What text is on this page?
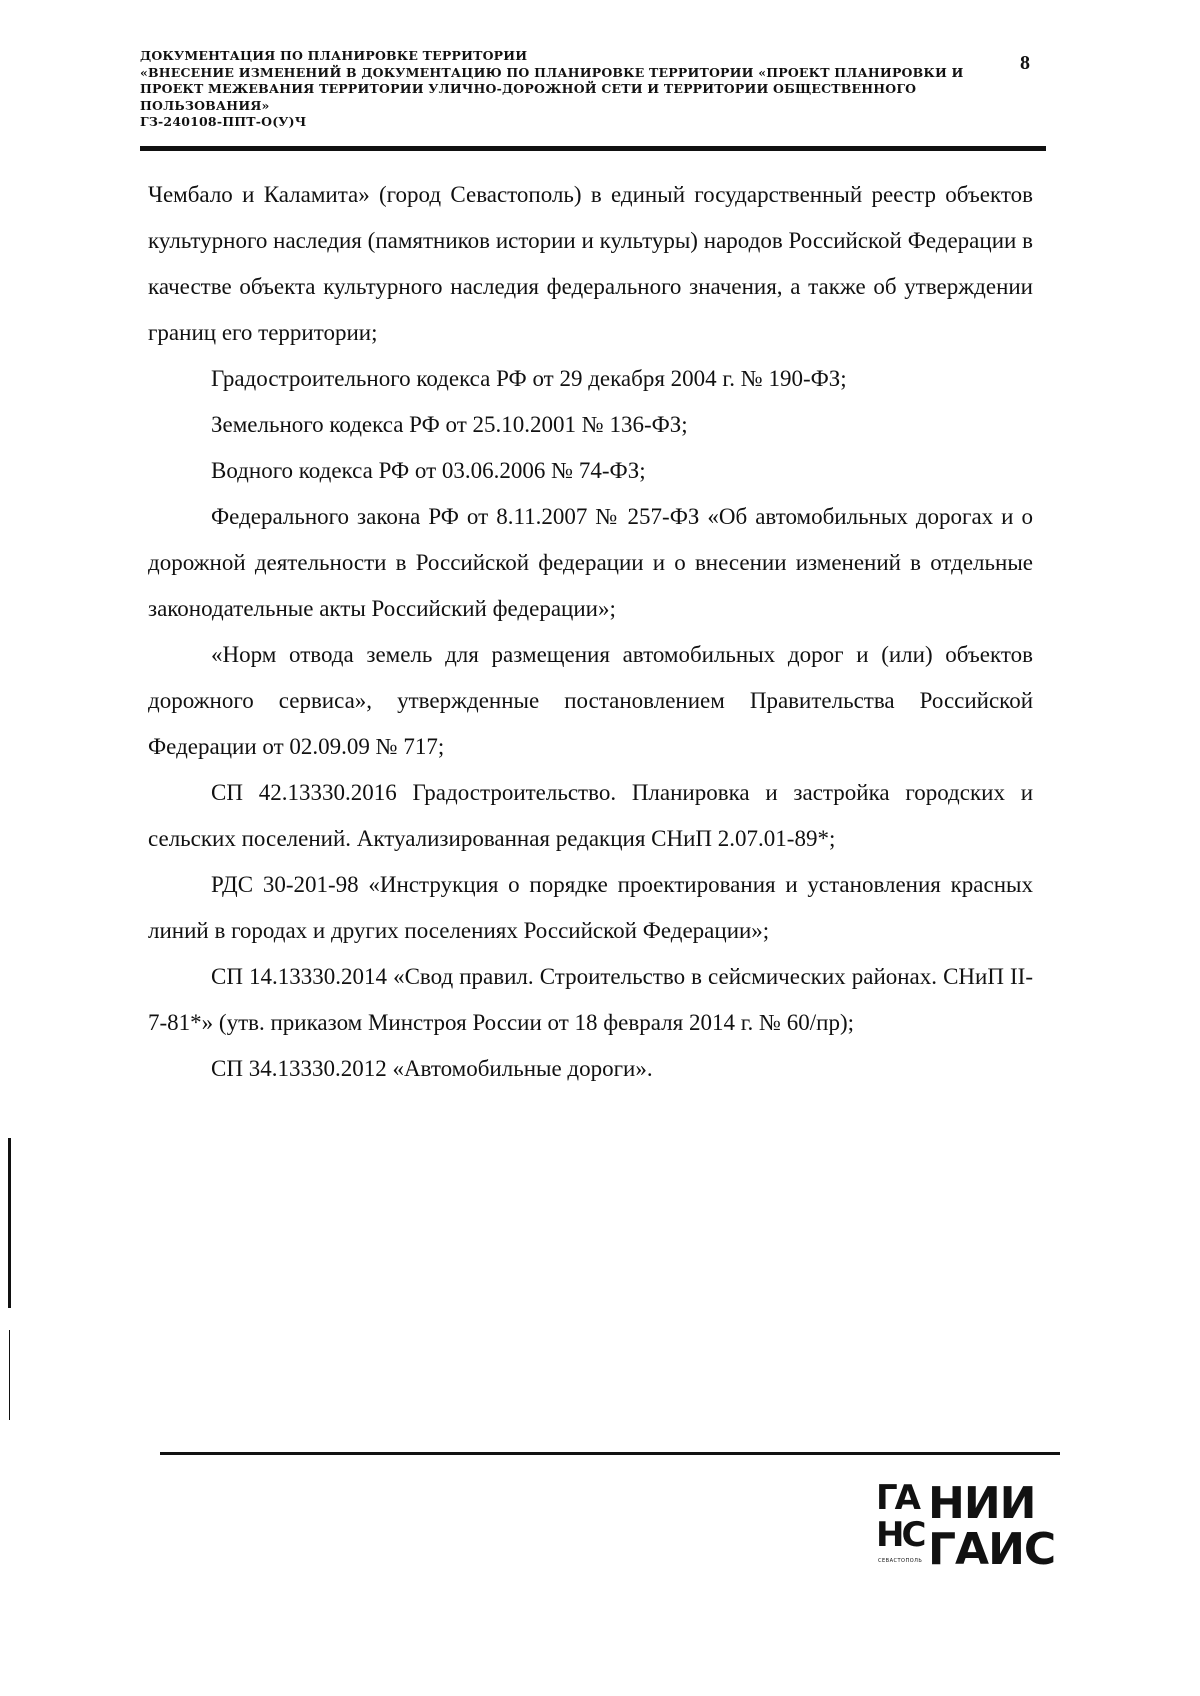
ДОКУМЕНТАЦИЯ ПО ПЛАНИРОВКЕ ТЕРРИТОРИИ
«ВНЕСЕНИЕ ИЗМЕНЕНИЙ В ДОКУМЕНТАЦИЮ ПО ПЛАНИРОВКЕ ТЕРРИТОРИИ «ПРОЕКТ ПЛАНИРОВКИ И
ПРОЕКТ МЕЖЕВАНИЯ ТЕРРИТОРИИ УЛИЧНО-ДОРОЖНОЙ СЕТИ И ТЕРРИТОРИИ ОБЩЕСТВЕННОГО
ПОЛЬЗОВАНИЯ»
ГЗ-240108-ППТ-О(У)Ч
8

Чембало и Каламита» (город Севастополь) в единый государственный реестр объектов культурного наследия (памятников истории и культуры) народов Российской Федерации в качестве объекта культурного наследия федерального значения, а также об утверждении границ его территории;

Градостроительного кодекса РФ от 29 декабря 2004 г. № 190-ФЗ;

Земельного кодекса РФ от 25.10.2001 № 136-ФЗ;

Водного кодекса РФ от 03.06.2006 № 74-ФЗ;

Федерального закона РФ от 8.11.2007 № 257-ФЗ «Об автомобильных дорогах и о дорожной деятельности в Российской федерации и о внесении изменений в отдельные законодательные акты Российский федерации»;

«Норм отвода земель для размещения автомобильных дорог и (или) объектов дорожного сервиса», утвержденные постановлением Правительства Российской Федерации от 02.09.09 № 717;

СП 42.13330.2016 Градостроительство. Планировка и застройка городских и сельских поселений. Актуализированная редакция СНиП 2.07.01-89*;

РДС 30-201-98 «Инструкция о порядке проектирования и установления красных линий в городах и других поселениях Российской Федерации»;

СП 14.13330.2014 «Свод правил. Строительство в сейсмических районах. СНиП II-7-81*» (утв. приказом Минстроя России от 18 февраля 2014 г. № 60/пр);

СП 34.13330.2012 «Автомобильные дороги».

ГА
НС
НИИ
ГАИС
СЕВАСТОПОЛЬ
